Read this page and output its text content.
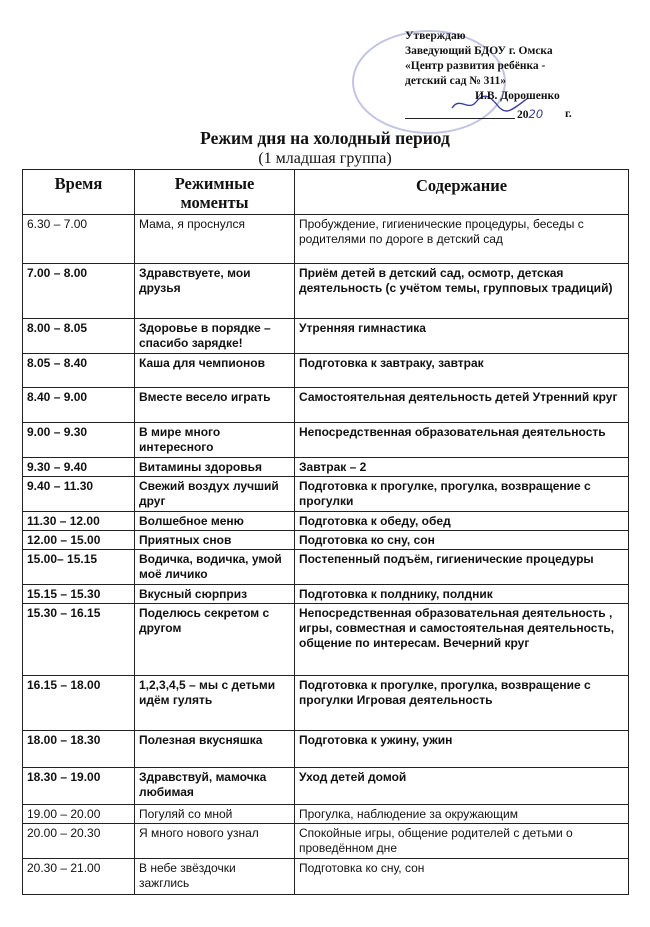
Утверждаю
Заведующий БДОУ г. Омска
«Центр развития ребёнка -
детский сад № 311»
И.В. Дорошенко
2020 г.
Режим дня на холодный период
(1 младшая группа)
Время	Режимные моменты	Содержание
6.30 – 7.00	Мама, я проснулся	Пробуждение, гигиенические процедуры, беседы с родителями по дороге в детский сад
7.00 – 8.00	Здравствуете, мои друзья	Приём детей в детский сад, осмотр, детская деятельность (с учётом темы, групповых традиций)
8.00 – 8.05	Здоровье в порядке – спасибо зарядке!	Утренняя гимнастика
8.05 – 8.40	Каша для чемпионов	Подготовка к завтраку, завтрак
8.40 – 9.00	Вместе весело играть	Самостоятельная деятельность детей Утренний круг
9.00 – 9.30	В мире много интересного	Непосредственная образовательная деятельность
9.30 – 9.40	Витамины здоровья	Завтрак – 2
9.40 – 11.30	Свежий воздух лучший друг	Подготовка к прогулке, прогулка, возвращение с прогулки
11.30 – 12.00	Волшебное меню	Подготовка к обеду, обед
12.00 – 15.00	Приятных снов	Подготовка ко сну, сон
15.00– 15.15	Водичка, водичка, умой моё личико	Постепенный подъём, гигиенические процедуры
15.15 – 15.30	Вкусный сюрприз	Подготовка к полднику, полдник
15.30 – 16.15	Поделюсь секретом с другом	Непосредственная образовательная деятельность , игры, совместная и самостоятельная деятельность, общение по интересам. Вечерний круг
16.15 – 18.00	1,2,3,4,5 – мы с детьми идём гулять	Подготовка к прогулке, прогулка, возвращение с прогулки Игровая деятельность
18.00 – 18.30	Полезная вкусняшка	Подготовка к ужину, ужин
18.30 – 19.00	Здравствуй, мамочка любимая	Уход детей домой
19.00 – 20.00	Погуляй со мной	Прогулка, наблюдение за окружающим
20.00 – 20.30	Я много нового узнал	Спокойные игры, общение родителей с детьми о проведённом дне
20.30 – 21.00	В небе звёздочки зажглись	Подготовка ко сну, сон
